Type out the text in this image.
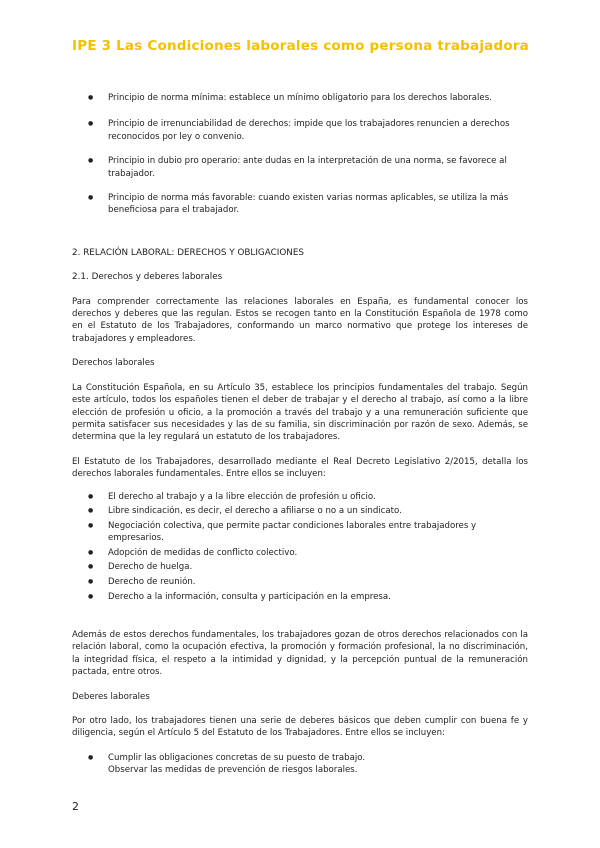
IPE 3 Las Condiciones laborales como persona trabajadora
● Principio de norma mínima: establece un mínimo obligatorio para los derechos laborales.
● Principio de irrenunciabilidad de derechos: impide que los trabajadores renuncien a derechos reconocidos por ley o convenio.
● Principio in dubio pro operario: ante dudas en la interpretación de una norma, se favorece al trabajador.
● Principio de norma más favorable: cuando existen varias normas aplicables, se utiliza la más beneficiosa para el trabajador.
2. RELACIÓN LABORAL: DERECHOS Y OBLIGACIONES
2.1. Derechos y deberes laborales

Para comprender correctamente las relaciones laborales en España, es fundamental conocer los derechos y deberes que las regulan. Estos se recogen tanto en la Constitución Española de 1978 como en el Estatuto de los Trabajadores, conformando un marco normativo que protege los intereses de trabajadores y empleadores.

Derechos laborales

La Constitución Española, en su Artículo 35, establece los principios fundamentales del trabajo. Según este artículo, todos los españoles tienen el deber de trabajar y el derecho al trabajo, así como a la libre elección de profesión u oficio, a la promoción a través del trabajo y a una remuneración suficiente que permita satisfacer sus necesidades y las de su familia, sin discriminación por razón de sexo. Además, se determina que la ley regulará un estatuto de los trabajadores.

El Estatuto de los Trabajadores, desarrollado mediante el Real Decreto Legislativo 2/2015, detalla los derechos laborales fundamentales. Entre ellos se incluyen:

● El derecho al trabajo y a la libre elección de profesión u oficio.
● Libre sindicación, es decir, el derecho a afiliarse o no a un sindicato.
● Negociación colectiva, que permite pactar condiciones laborales entre trabajadores y empresarios.
● Adopción de medidas de conflicto colectivo.
● Derecho de huelga.
● Derecho de reunión.
● Derecho a la información, consulta y participación en la empresa.

Además de estos derechos fundamentales, los trabajadores gozan de otros derechos relacionados con la relación laboral, como la ocupación efectiva, la promoción y formación profesional, la no discriminación, la integridad física, el respeto a la intimidad y dignidad, y la percepción puntual de la remuneración pactada, entre otros.

Deberes laborales

Por otro lado, los trabajadores tienen una serie de deberes básicos que deben cumplir con buena fe y diligencia, según el Artículo 5 del Estatuto de los Trabajadores. Entre ellos se incluyen:

● Cumplir las obligaciones concretas de su puesto de trabajo.
Observar las medidas de prevención de riesgos laborales.
2
